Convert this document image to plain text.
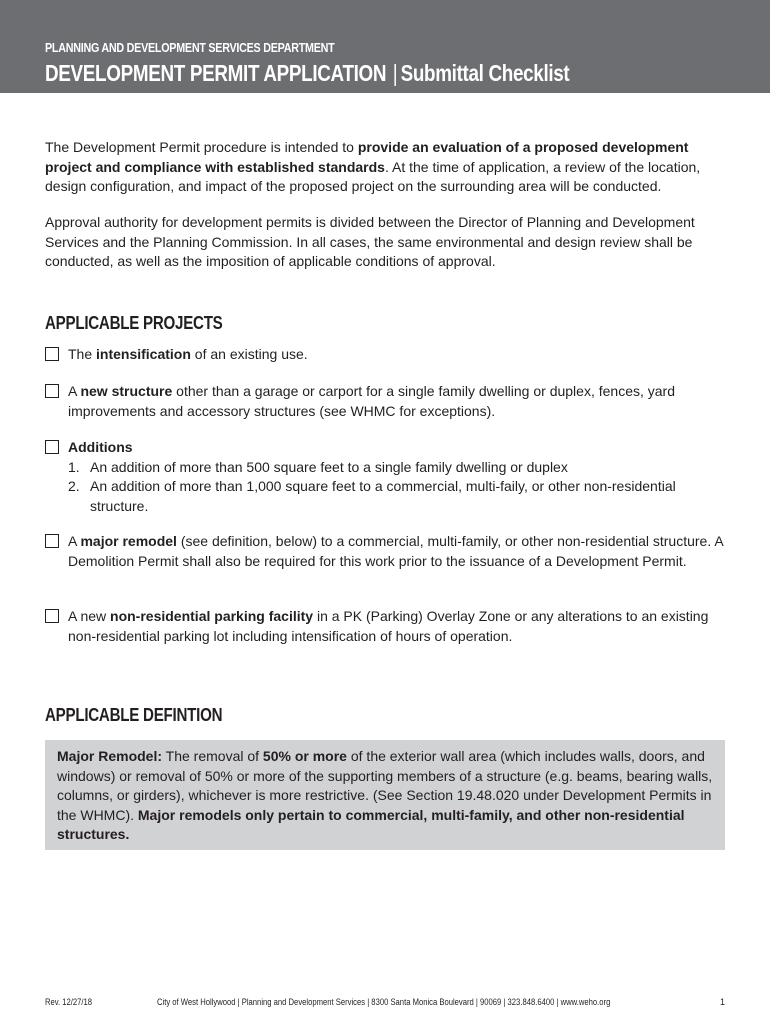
PLANNING AND DEVELOPMENT SERVICES DEPARTMENT
DEVELOPMENT PERMIT APPLICATION | Submittal Checklist

The Development Permit procedure is intended to provide an evaluation of a proposed development project and compliance with established standards. At the time of application, a review of the location, design configuration, and impact of the proposed project on the surrounding area will be conducted.

Approval authority for development permits is divided between the Director of Planning and Development Services and the Planning Commission. In all cases, the same environmental and design review shall be conducted, as well as the imposition of applicable conditions of approval.

APPLICABLE PROJECTS
The intensification of an existing use.
A new structure other than a garage or carport for a single family dwelling or duplex, fences, yard improvements and accessory structures (see WHMC for exceptions).
Additions
1. An addition of more than 500 square feet to a single family dwelling or duplex
2. An addition of more than 1,000 square feet to a commercial, multi-faily, or other non-residential structure.
A major remodel (see definition, below) to a commercial, multi-family, or other non-residential structure. A Demolition Permit shall also be required for this work prior to the issuance of a Development Permit.
A new non-residential parking facility in a PK (Parking) Overlay Zone or any alterations to an existing non-residential parking lot including intensification of hours of operation.
APPLICABLE DEFINTION
Major Remodel: The removal of 50% or more of the exterior wall area (which includes walls, doors, and windows) or removal of 50% or more of the supporting members of a structure (e.g. beams, bearing walls, columns, or girders), whichever is more restrictive. (See Section 19.48.020 under Development Permits in the WHMC). Major remodels only pertain to commercial, multi-family, and other non-residential structures.
Rev. 12/27/18	City of West Hollywood | Planning and Development Services | 8300 Santa Monica Boulevard | 90069 | 323.848.6400 | www.weho.org	1
